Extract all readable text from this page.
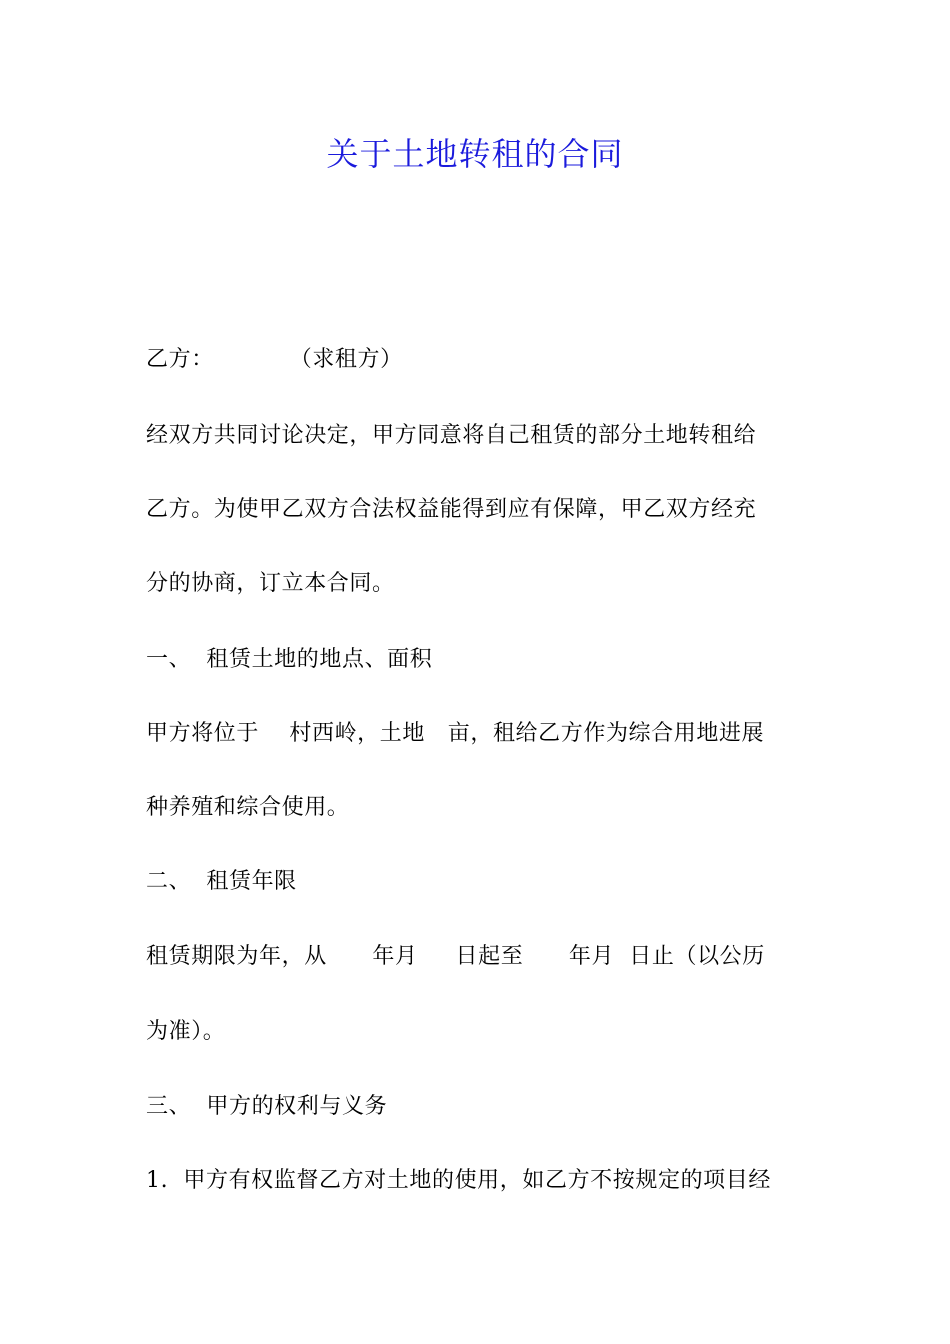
关于土地转租的合同
乙方：          （求租方）
经双方共同讨论决定，甲方同意将自己租赁的部分土地转租给
乙方。为使甲乙双方合法权益能得到应有保障，甲乙双方经充
分的协商，订立本合同。
一、  租赁土地的地点、面积
甲方将位于    村西岭，土地   亩，租给乙方作为综合用地进展
种养殖和综合使用。
二、  租赁年限
租赁期限为年，从      年月     日起至      年月  日止（以公历
为准）。
三、  甲方的权利与义务
1.  甲方有权监督乙方对土地的使用，如乙方不按规定的项目经
